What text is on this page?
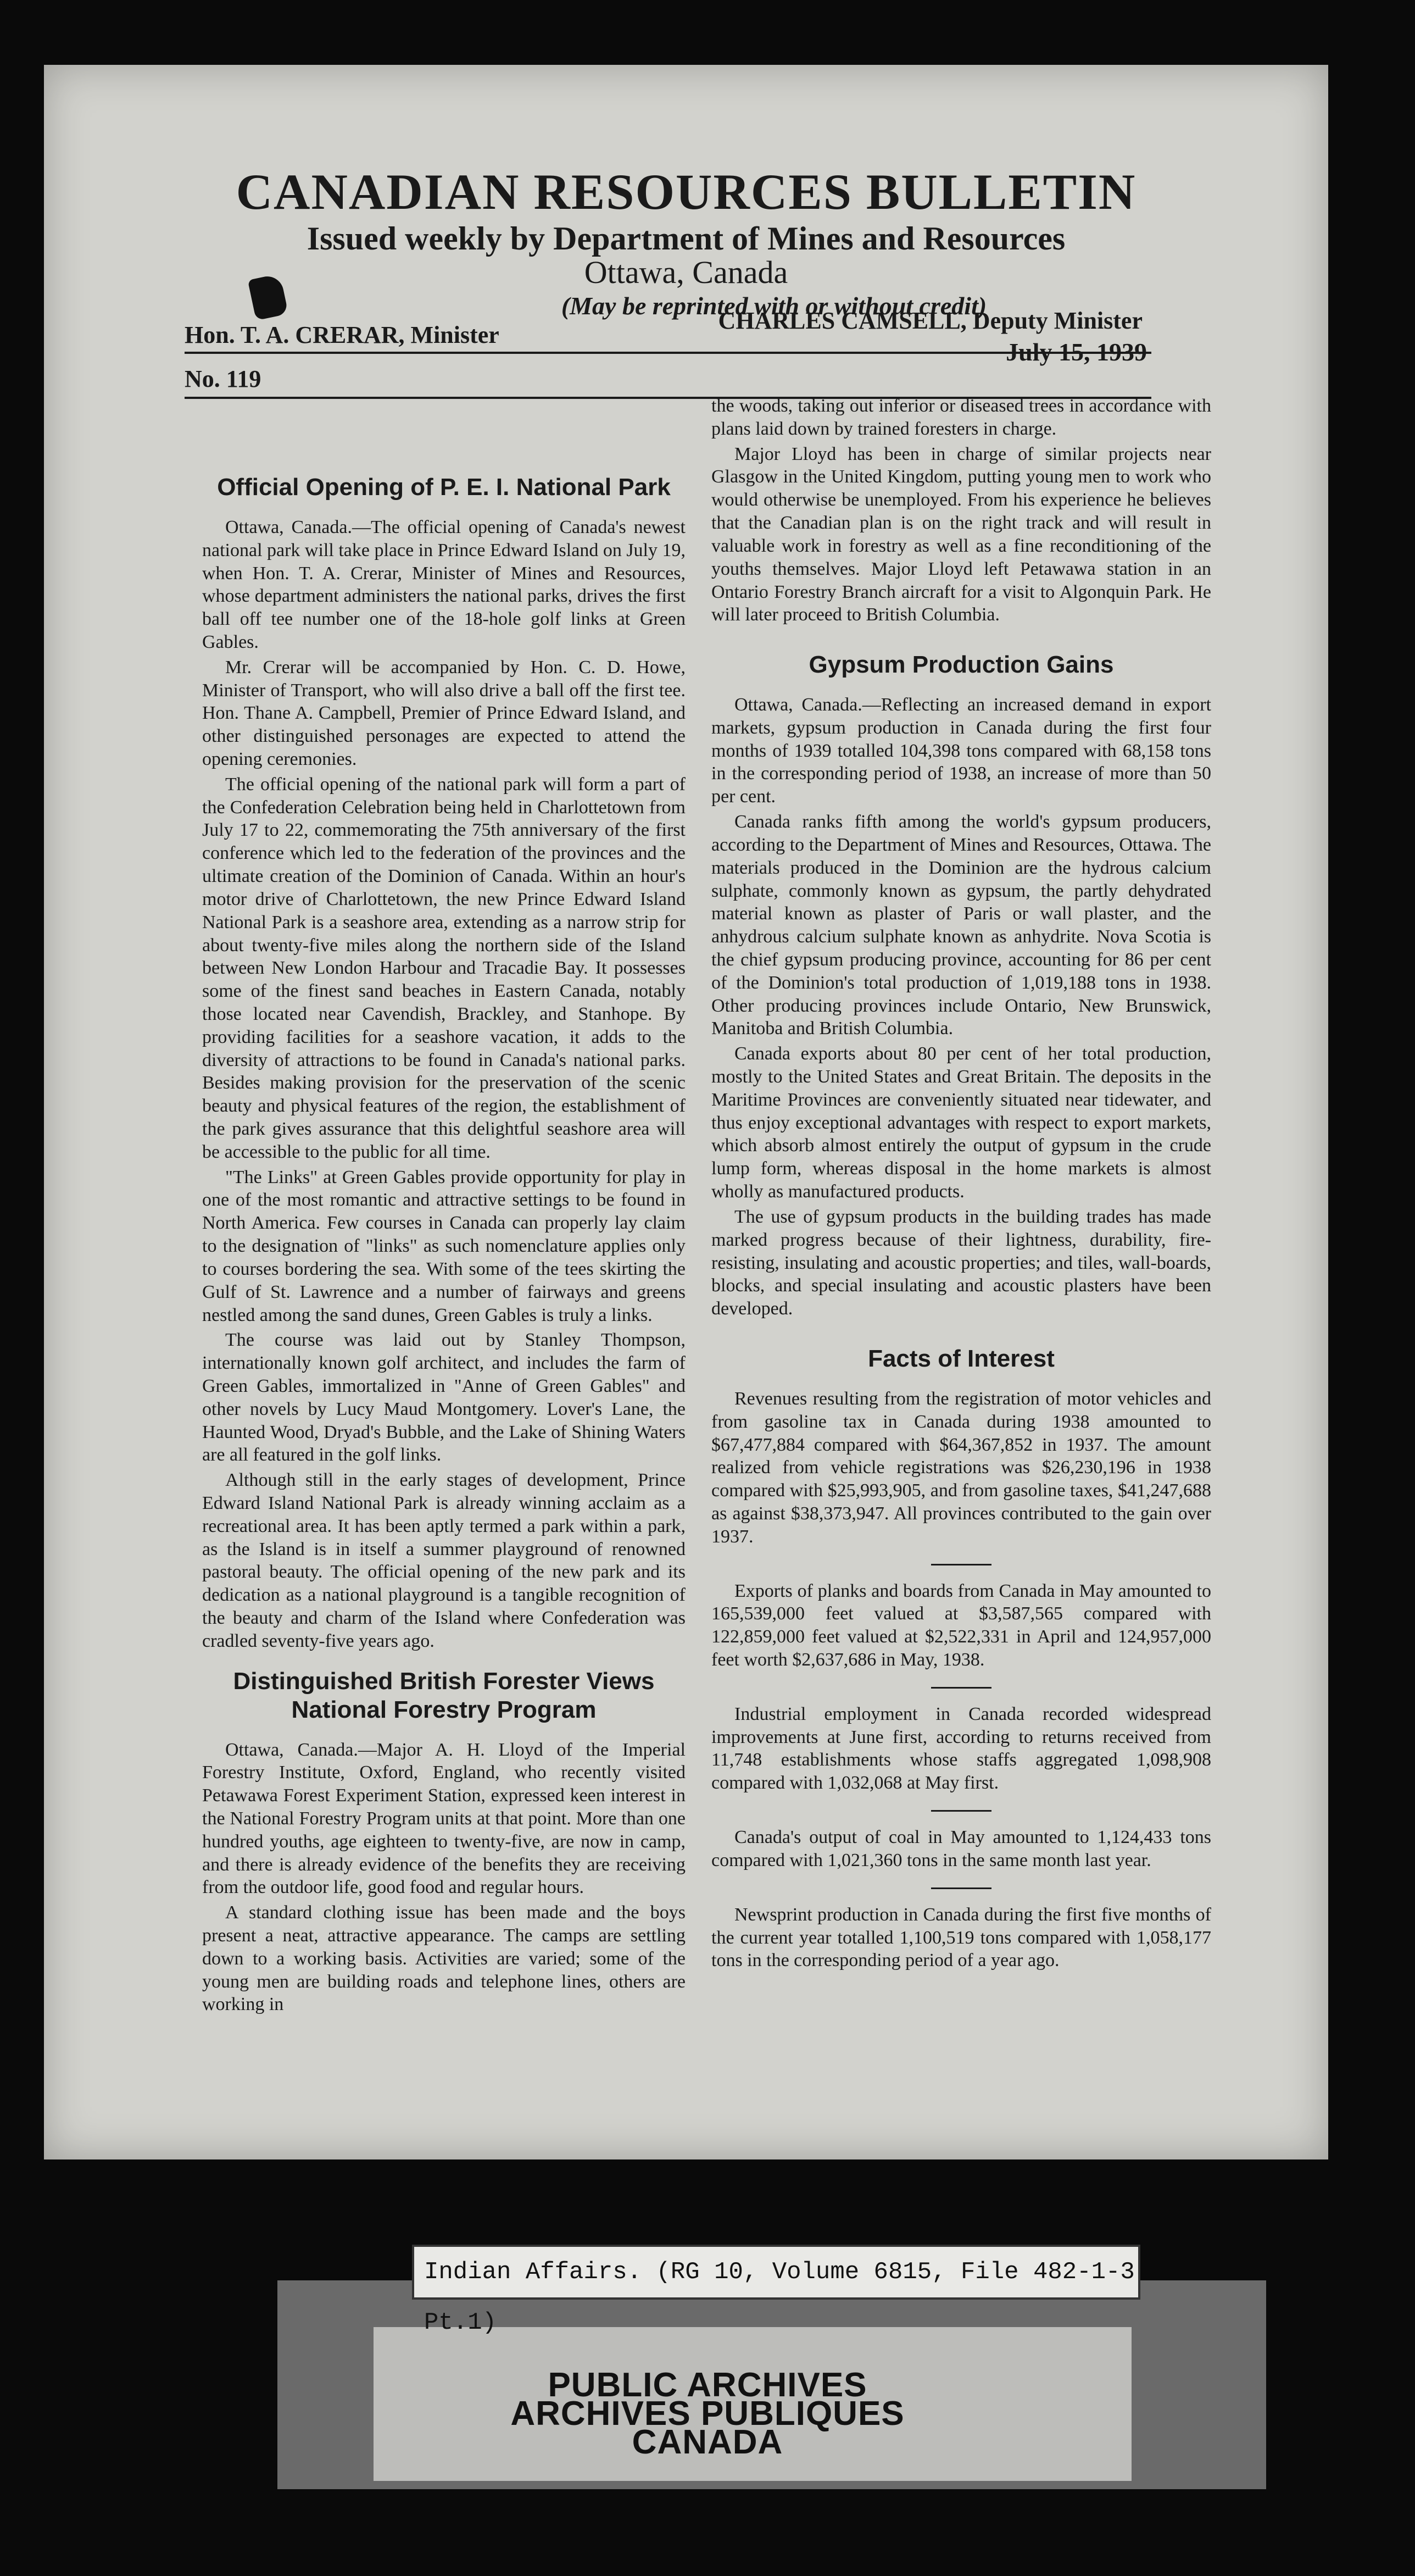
CANADIAN RESOURCES BULLETIN
Issued weekly by Department of Mines and Resources
Ottawa, Canada
(May be reprinted with or without credit)
Hon. T. A. CRERAR, Minister
CHARLES CAMSELL, Deputy Minister
No. 119
July 15, 1939
Official Opening of P. E. I. National Park

Ottawa, Canada.—The official opening of Canada's newest national park will take place in Prince Edward Island on July 19, when Hon. T. A. Crerar, Minister of Mines and Resources, whose department administers the national parks, drives the first ball off tee number one of the 18-hole golf links at Green Gables.

Mr. Crerar will be accompanied by Hon. C. D. Howe, Minister of Transport, who will also drive a ball off the first tee. Hon. Thane A. Campbell, Premier of Prince Edward Island, and other distinguished personages are expected to attend the opening ceremonies.

The official opening of the national park will form a part of the Confederation Celebration being held in Charlottetown from July 17 to 22, commemorating the 75th anniversary of the first conference which led to the federation of the provinces and the ultimate creation of the Dominion of Canada. Within an hour's motor drive of Charlottetown, the new Prince Edward Island National Park is a seashore area, extending as a narrow strip for about twenty-five miles along the northern side of the Island between New London Harbour and Tracadie Bay. It possesses some of the finest sand beaches in Eastern Canada, notably those located near Cavendish, Brackley, and Stanhope. By providing facilities for a seashore vacation, it adds to the diversity of attractions to be found in Canada's national parks. Besides making provision for the preservation of the scenic beauty and physical features of the region, the establishment of the park gives assurance that this delightful seashore area will be accessible to the public for all time.

"The Links" at Green Gables provide opportunity for play in one of the most romantic and attractive settings to be found in North America. Few courses in Canada can properly lay claim to the designation of "links" as such nomenclature applies only to courses bordering the sea. With some of the tees skirting the Gulf of St. Lawrence and a number of fairways and greens nestled among the sand dunes, Green Gables is truly a links.

The course was laid out by Stanley Thompson, internationally known golf architect, and includes the farm of Green Gables, immortalized in "Anne of Green Gables" and other novels by Lucy Maud Montgomery. Lover's Lane, the Haunted Wood, Dryad's Bubble, and the Lake of Shining Waters are all featured in the golf links.

Although still in the early stages of development, Prince Edward Island National Park is already winning acclaim as a recreational area. It has been aptly termed a park within a park, as the Island is in itself a summer playground of renowned pastoral beauty. The official opening of the new park and its dedication as a national playground is a tangible recognition of the beauty and charm of the Island where Confederation was cradled seventy-five years ago.

Distinguished British Forester Views National Forestry Program

Ottawa, Canada.—Major A. H. Lloyd of the Imperial Forestry Institute, Oxford, England, who recently visited Petawawa Forest Experiment Station, expressed keen interest in the National Forestry Program units at that point. More than one hundred youths, age eighteen to twenty-five, are now in camp, and there is already evidence of the benefits they are receiving from the outdoor life, good food and regular hours.

A standard clothing issue has been made and the boys present a neat, attractive appearance. The camps are settling down to a working basis. Activities are varied; some of the young men are building roads and telephone lines, others are working in

the woods, taking out inferior or diseased trees in accordance with plans laid down by trained foresters in charge.

Major Lloyd has been in charge of similar projects near Glasgow in the United Kingdom, putting young men to work who would otherwise be unemployed. From his experience he believes that the Canadian plan is on the right track and will result in valuable work in forestry as well as a fine reconditioning of the youths themselves. Major Lloyd left Petawawa station in an Ontario Forestry Branch aircraft for a visit to Algonquin Park. He will later proceed to British Columbia.

Gypsum Production Gains

Ottawa, Canada.—Reflecting an increased demand in export markets, gypsum production in Canada during the first four months of 1939 totalled 104,398 tons compared with 68,158 tons in the corresponding period of 1938, an increase of more than 50 per cent.

Canada ranks fifth among the world's gypsum producers, according to the Department of Mines and Resources, Ottawa. The materials produced in the Dominion are the hydrous calcium sulphate, commonly known as gypsum, the partly dehydrated material known as plaster of Paris or wall plaster, and the anhydrous calcium sulphate known as anhydrite. Nova Scotia is the chief gypsum producing province, accounting for 86 per cent of the Dominion's total production of 1,019,188 tons in 1938. Other producing provinces include Ontario, New Brunswick, Manitoba and British Columbia.

Canada exports about 80 per cent of her total production, mostly to the United States and Great Britain. The deposits in the Maritime Provinces are conveniently situated near tidewater, and thus enjoy exceptional advantages with respect to export markets, which absorb almost entirely the output of gypsum in the crude lump form, whereas disposal in the home markets is almost wholly as manufactured products.

The use of gypsum products in the building trades has made marked progress because of their lightness, durability, fire-resisting, insulating and acoustic properties; and tiles, wall-boards, blocks, and special insulating and acoustic plasters have been developed.

Facts of Interest

Revenues resulting from the registration of motor vehicles and from gasoline tax in Canada during 1938 amounted to $67,477,884 compared with $64,367,852 in 1937. The amount realized from vehicle registrations was $26,230,196 in 1938 compared with $25,993,905, and from gasoline taxes, $41,247,688 as against $38,373,947. All provinces contributed to the gain over 1937.

Exports of planks and boards from Canada in May amounted to 165,539,000 feet valued at $3,587,565 compared with 122,859,000 feet valued at $2,522,331 in April and 124,957,000 feet worth $2,637,686 in May, 1938.

Industrial employment in Canada recorded widespread improvements at June first, according to returns received from 11,748 establishments whose staffs aggregated 1,098,908 compared with 1,032,068 at May first.

Canada's output of coal in May amounted to 1,124,433 tons compared with 1,021,360 tons in the same month last year.

Newsprint production in Canada during the first five months of the current year totalled 1,100,519 tons compared with 1,058,177 tons in the corresponding period of a year ago.

Indian Affairs. (RG 10, Volume 6815, File 482-1-3 Pt.1)
PUBLIC ARCHIVES
ARCHIVES PUBLIQUES
CANADA
